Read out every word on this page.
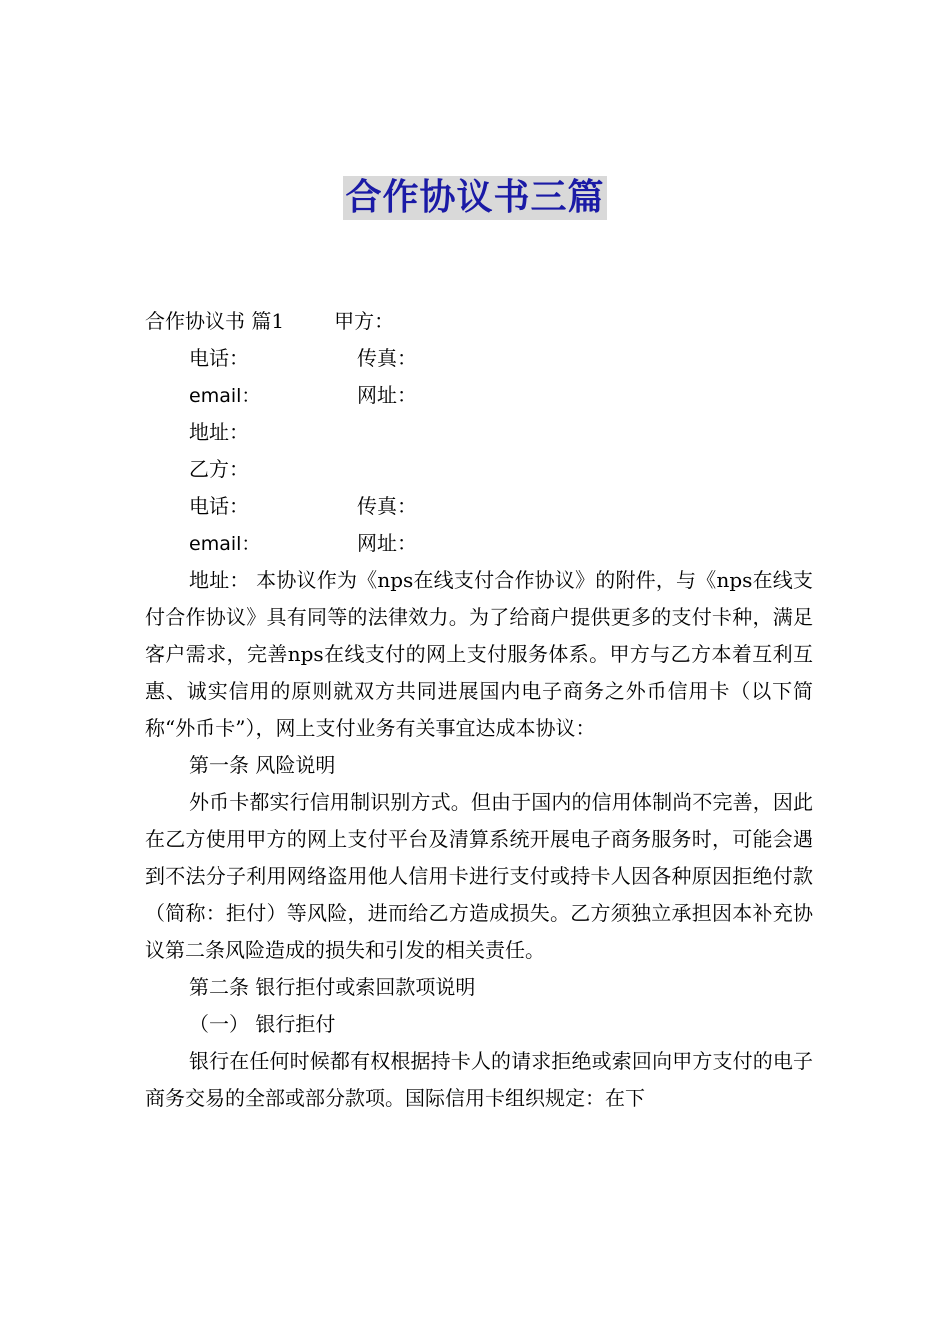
合作协议书三篇
合作协议书 篇1	甲方：
电话：	传真：
email：	网址：
地址：
乙方：
电话：	传真：
email：	网址：
地址： 本协议作为《nps在线支付合作协议》的附件，与《nps在线支付合作协议》具有同等的法律效力。为了给商户提供更多的支付卡种，满足客户需求，完善nps在线支付的网上支付服务体系。甲方与乙方本着互利互惠、诚实信用的原则就双方共同进展国内电子商务之外币信用卡（以下简称“外币卡”），网上支付业务有关事宜达成本协议：
第一条 风险说明
外币卡都实行信用制识别方式。但由于国内的信用体制尚不完善，因此在乙方使用甲方的网上支付平台及清算系统开展电子商务服务时，可能会遇到不法分子利用网络盗用他人信用卡进行支付或持卡人因各种原因拒绝付款（简称：拒付）等风险，进而给乙方造成损失。乙方须独立承担因本补充协议第二条风险造成的损失和引发的相关责任。
第二条 银行拒付或索回款项说明
（一） 银行拒付
银行在任何时候都有权根据持卡人的请求拒绝或索回向甲方支付的电子商务交易的全部或部分款项。国际信用卡组织规定：在下
